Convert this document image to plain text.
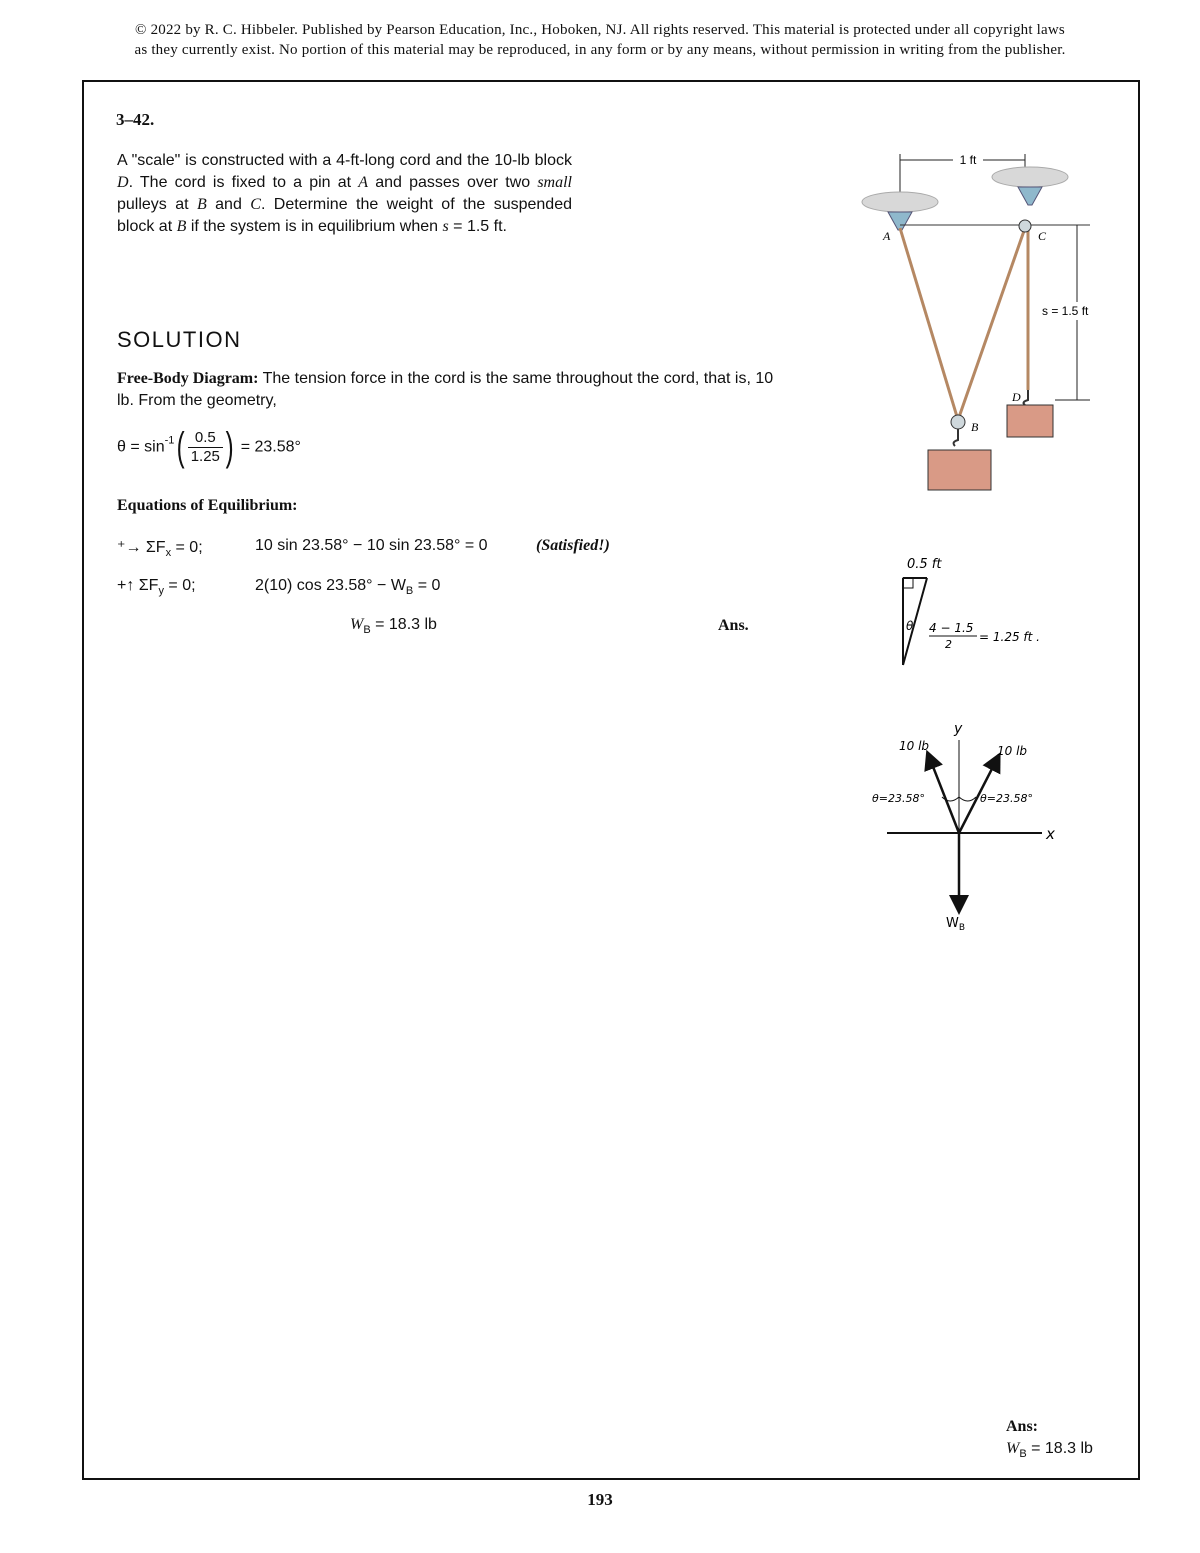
© 2022 by R. C. Hibbeler. Published by Pearson Education, Inc., Hoboken, NJ. All rights reserved. This material is protected under all copyright laws
as they currently exist. No portion of this material may be reproduced, in any form or by any means, without permission in writing from the publisher.
3–42.
A "scale" is constructed with a 4-ft-long cord and the 10-lb block D. The cord is fixed to a pin at A and passes over two small pulleys at B and C. Determine the weight of the suspended block at B if the system is in equilibrium when s = 1.5 ft.
SOLUTION
Free-Body Diagram: The tension force in the cord is the same throughout the cord, that is, 10 lb. From the geometry,
$\theta = \sin^{-1}( \frac{0.5}{1.25}$ ) = 23.58°
Equations of Equilibrium:
⁺→ $\Sigma F_x = 0$;	10 sin 23.58° − 10 sin 23.58° = 0	(Satisfied!)
+↑ $\Sigma F_y = 0$;	2(10) $\cos 23.58^\circ - W_B = 0$
$W_B = 18.3$ lb	Ans.
1 ft
A
B
C
D
s = 1.5 ft
0.5 ft
θ 4 − 1.5
2
= 1.25 ft .
y
x
10 lb	10 lb
θ=23.58°	θ=23.58°
$W_B$
Ans:
$W_B = 18.3$ lb
193
